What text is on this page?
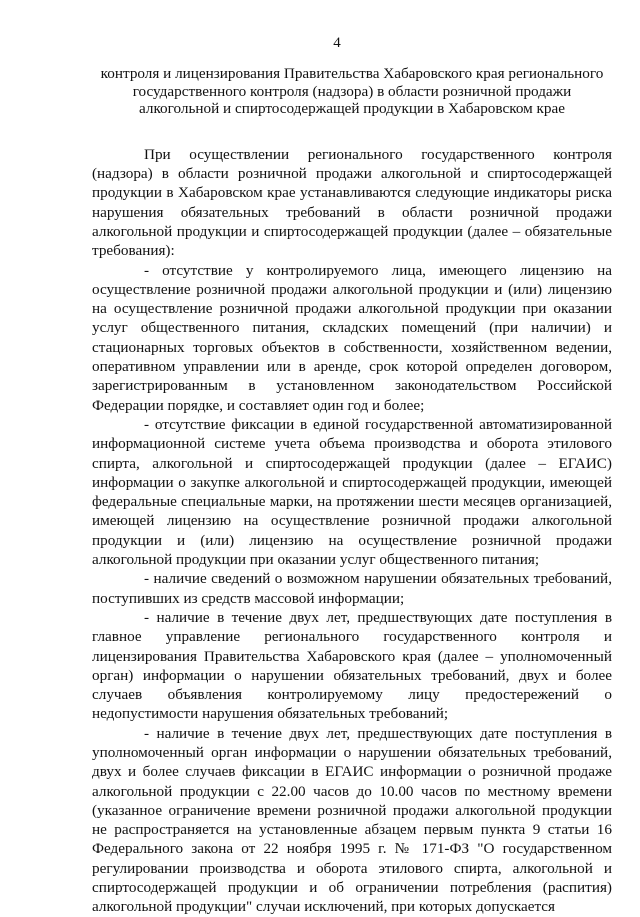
4
контроля и лицензирования Правительства Хабаровского края регионального
государственного контроля (надзора) в области розничной продажи
алкогольной и спиртосодержащей продукции в Хабаровском крае

При осуществлении регионального государственного контроля (надзора) в области розничной продажи алкогольной и спиртосодержащей продукции в Хабаровском крае устанавливаются следующие индикаторы риска нарушения обязательных требований в области розничной продажи алкогольной продукции и спиртосодержащей продукции (далее – обязательные требования):

- отсутствие у контролируемого лица, имеющего лицензию на осуществление розничной продажи алкогольной продукции и (или) лицензию на осуществление розничной продажи алкогольной продукции при оказании услуг общественного питания, складских помещений (при наличии) и стационарных торговых объектов в собственности, хозяйственном ведении, оперативном управлении или в аренде, срок которой определен договором, зарегистрированным в установленном законодательством Российской Федерации порядке, и составляет один год и более;

- отсутствие фиксации в единой государственной автоматизированной информационной системе учета объема производства и оборота этилового спирта, алкогольной и спиртосодержащей продукции (далее – ЕГАИС) информации о закупке алкогольной и спиртосодержащей продукции, имеющей федеральные специальные марки, на протяжении шести месяцев организацией, имеющей лицензию на осуществление розничной продажи алкогольной продукции и (или) лицензию на осуществление розничной продажи алкогольной продукции при оказании услуг общественного питания;

- наличие сведений о возможном нарушении обязательных требований, поступивших из средств массовой информации;

- наличие в течение двух лет, предшествующих дате поступления в главное управление регионального государственного контроля и лицензирования Правительства Хабаровского края (далее – уполномоченный орган) информации о нарушении обязательных требований, двух и более случаев объявления контролируемому лицу предостережений о недопустимости нарушения обязательных требований;

- наличие в течение двух лет, предшествующих дате поступления в уполномоченный орган информации о нарушении обязательных требований, двух и более случаев фиксации в ЕГАИС информации о розничной продаже алкогольной продукции с 22.00 часов до 10.00 часов по местному времени (указанное ограничение времени розничной продажи алкогольной продукции не распространяется на установленные абзацем первым пункта 9 статьи 16 Федерального закона от 22 ноября 1995 г. № 171-ФЗ "О государственном регулировании производства и оборота этилового спирта, алкогольной и спиртосодержащей продукции и об ограничении потребления (распития) алкогольной продукции" случаи исключений, при которых допускается
